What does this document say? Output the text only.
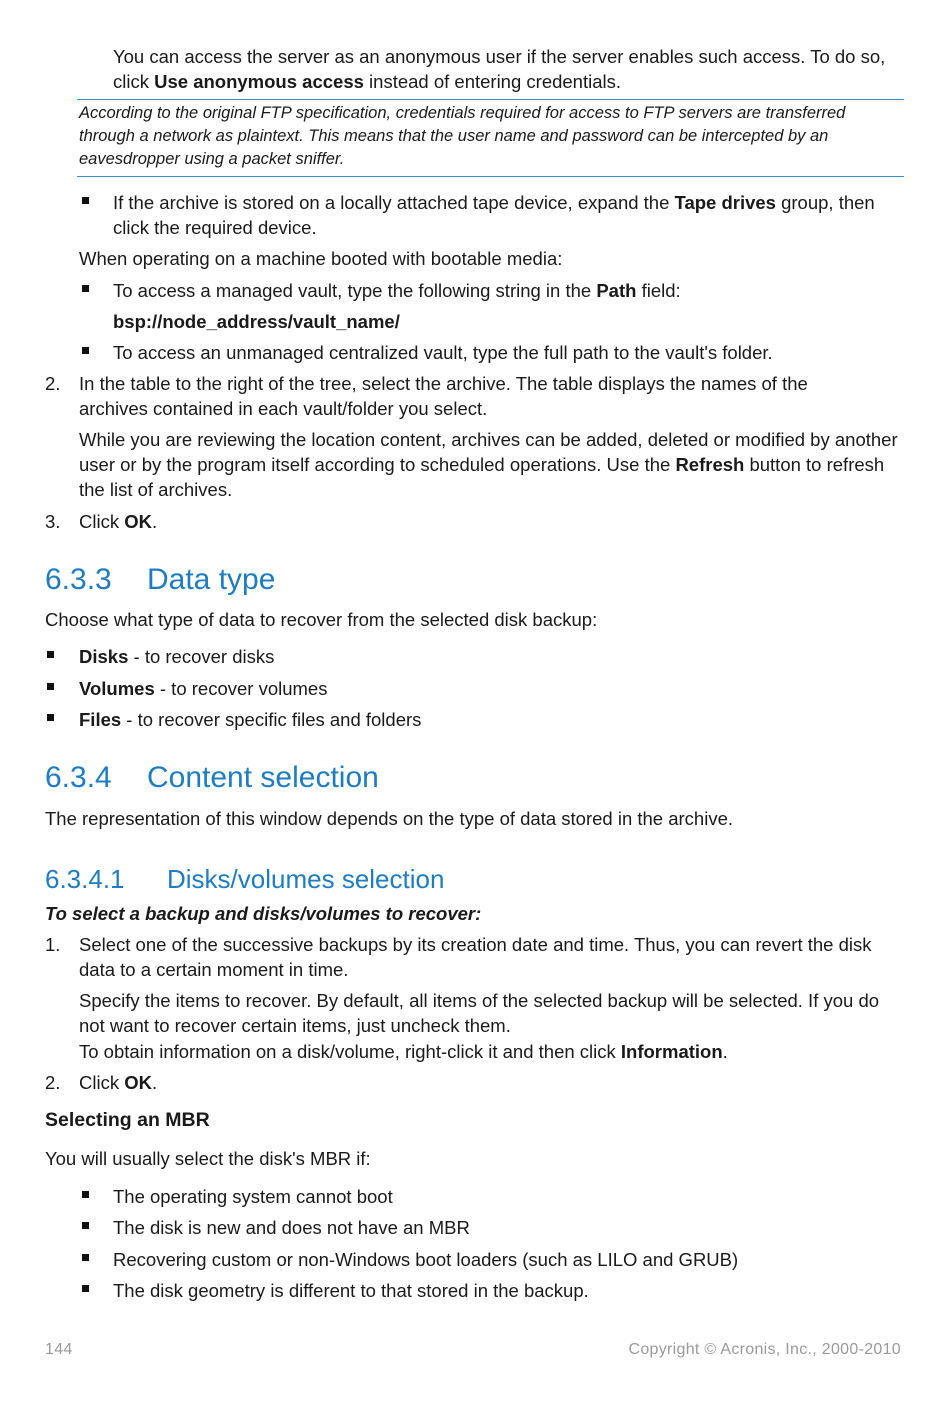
You can access the server as an anonymous user if the server enables such access. To do so, click Use anonymous access instead of entering credentials.

According to the original FTP specification, credentials required for access to FTP servers are transferred through a network as plaintext. This means that the user name and password can be intercepted by an eavesdropper using a packet sniffer.

If the archive is stored on a locally attached tape device, expand the Tape drives group, then click the required device.

When operating on a machine booted with bootable media:

To access a managed vault, type the following string in the Path field:

bsp://node_address/vault_name/

To access an unmanaged centralized vault, type the full path to the vault's folder.

2. In the table to the right of the tree, select the archive. The table displays the names of the archives contained in each vault/folder you select.

While you are reviewing the location content, archives can be added, deleted or modified by another user or by the program itself according to scheduled operations. Use the Refresh button to refresh the list of archives.

3. Click OK.

6.3.3 Data type

Choose what type of data to recover from the selected disk backup:

Disks - to recover disks

Volumes - to recover volumes

Files - to recover specific files and folders

6.3.4 Content selection

The representation of this window depends on the type of data stored in the archive.

6.3.4.1 Disks/volumes selection

To select a backup and disks/volumes to recover:

1. Select one of the successive backups by its creation date and time. Thus, you can revert the disk data to a certain moment in time.

Specify the items to recover. By default, all items of the selected backup will be selected. If you do not want to recover certain items, just uncheck them.

To obtain information on a disk/volume, right-click it and then click Information.

2. Click OK.

Selecting an MBR

You will usually select the disk's MBR if:

The operating system cannot boot

The disk is new and does not have an MBR

Recovering custom or non-Windows boot loaders (such as LILO and GRUB)

The disk geometry is different to that stored in the backup.

144	Copyright © Acronis, Inc., 2000-2010
